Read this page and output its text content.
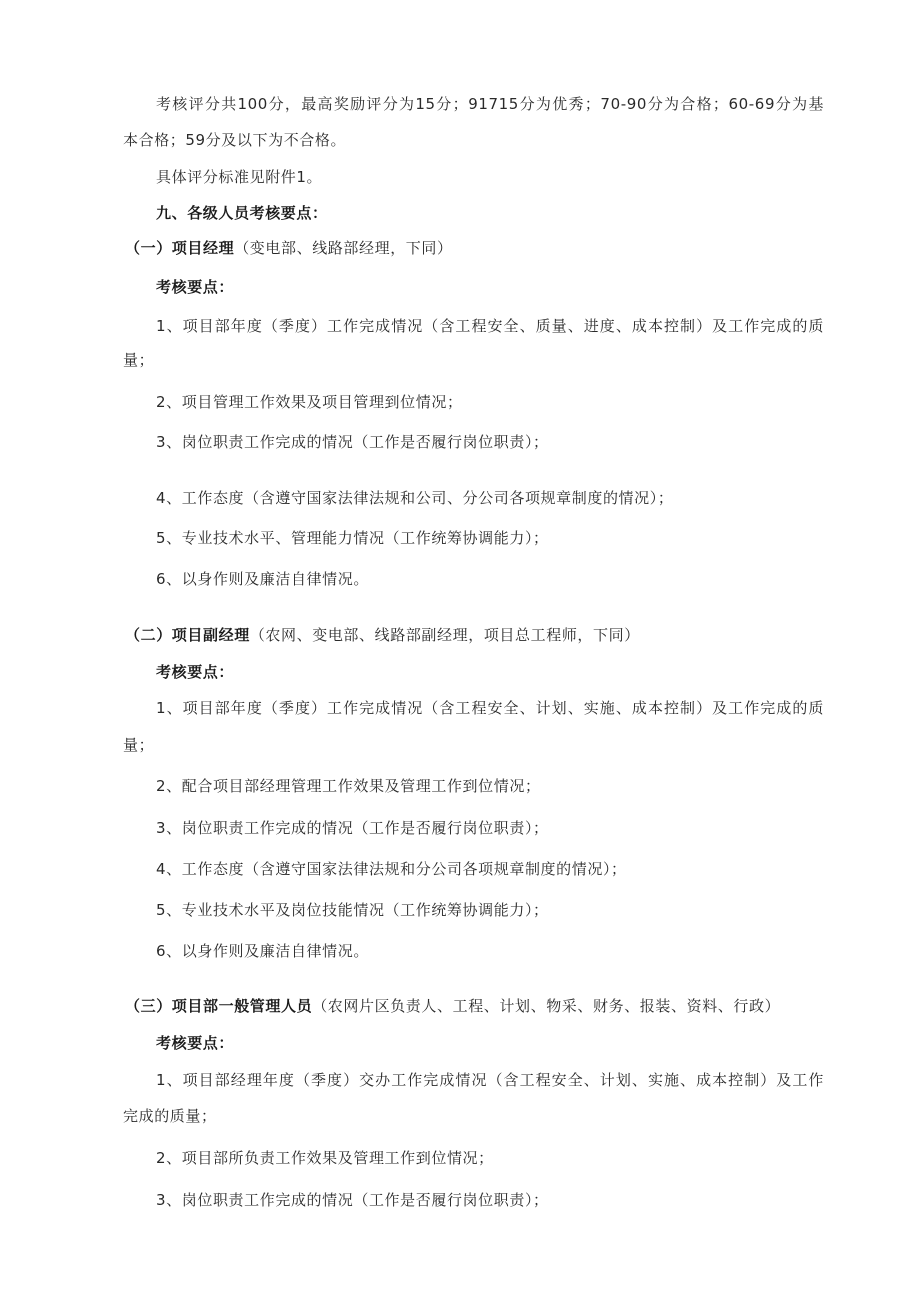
考核评分共100分，最高奖励评分为15分；91715分为优秀；70-90分为合格；60-69分为基
本合格；59分及以下为不合格。
具体评分标准见附件1。
九、各级人员考核要点：
（一）项目经理（变电部、线路部经理，下同）
考核要点：
1、项目部年度（季度）工作完成情况（含工程安全、质量、进度、成本控制）及工作完成的质
量；
2、项目管理工作效果及项目管理到位情况；
3、岗位职责工作完成的情况（工作是否履行岗位职责）；
4、工作态度（含遵守国家法律法规和公司、分公司各项规章制度的情况）；
5、专业技术水平、管理能力情况（工作统筹协调能力）；
6、以身作则及廉洁自律情况。
（二）项目副经理（农网、变电部、线路部副经理，项目总工程师，下同）
考核要点：
1、项目部年度（季度）工作完成情况（含工程安全、计划、实施、成本控制）及工作完成的质
量；
2、配合项目部经理管理工作效果及管理工作到位情况；
3、岗位职责工作完成的情况（工作是否履行岗位职责）；
4、工作态度（含遵守国家法律法规和分公司各项规章制度的情况）；
5、专业技术水平及岗位技能情况（工作统筹协调能力）；
6、以身作则及廉洁自律情况。
（三）项目部一般管理人员（农网片区负责人、工程、计划、物采、财务、报装、资料、行政）
考核要点：
1、项目部经理年度（季度）交办工作完成情况（含工程安全、计划、实施、成本控制）及工作
完成的质量；
2、项目部所负责工作效果及管理工作到位情况；
3、岗位职责工作完成的情况（工作是否履行岗位职责）；
